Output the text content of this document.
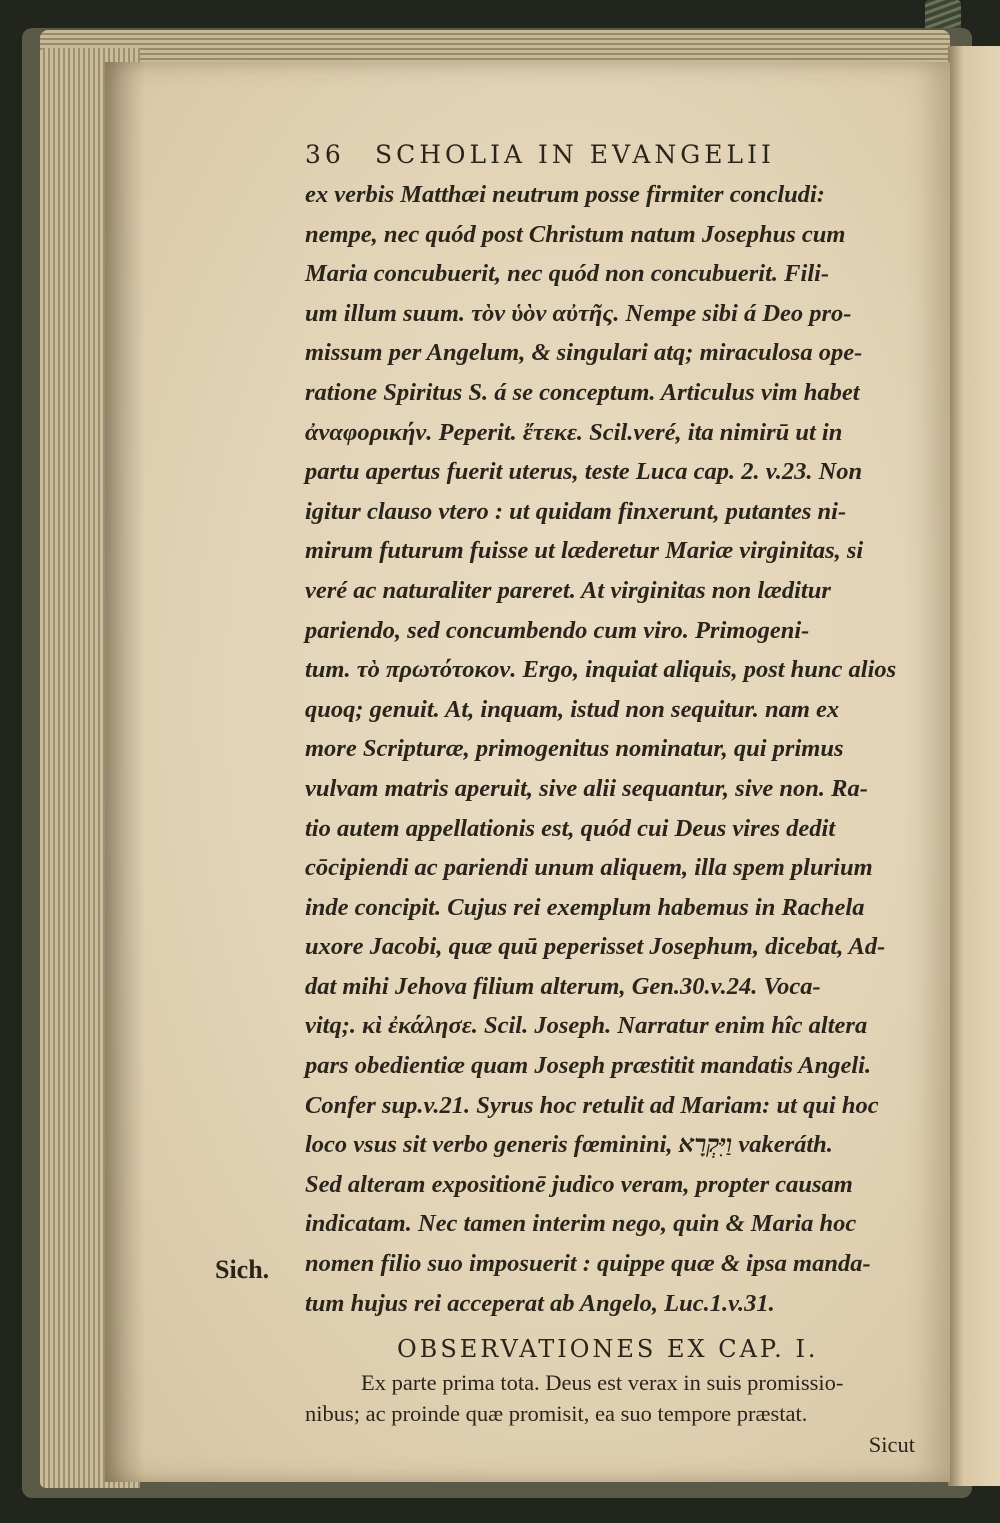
Sich.
36	SCHOLIA IN EVANGELII
ex verbis Matthæi neutrum posse firmiter concludi:
nempe, nec quód post Christum natum Josephus cum
Maria concubuerit, nec quód non concubuerit. Fili-
um illum suum. τὸν ὑὸν αὐτῆς. Nempe sibi á Deo pro-
missum per Angelum, & singulari atq; miraculosa ope-
ratione Spiritus S. á se conceptum. Articulus vim habet
ἀναφορικήν. Peperit. ἔτεκε. Scil.veré, ita nimirū ut in
partu apertus fuerit uterus, teste Luca cap. 2. v.23. Non
igitur clauso vtero : ut quidam finxerunt, putantes ni-
mirum futurum fuisse ut læderetur Mariæ virginitas, si
veré ac naturaliter pareret. At virginitas non læditur
pariendo, sed concumbendo cum viro. Primogeni-
tum. τὸ πρωτότοκον. Ergo, inquiat aliquis, post hunc alios
quoq; genuit. At, inquam, istud non sequitur. nam ex
more Scripturæ, primogenitus nominatur, qui primus
vulvam matris aperuit, sive alii sequantur, sive non. Ra-
tio autem appellationis est, quód cui Deus vires dedit
cōcipiendi ac pariendi unum aliquem, illa spem plurium
inde concipit. Cujus rei exemplum habemus in Rachela
uxore Jacobi, quæ quū peperisset Josephum, dicebat, Ad-
dat mihi Jehova filium alterum, Gen.30.v.24. Voca-
vitq;. κὶ ἐκάλησε. Scil. Joseph. Narratur enim hîc altera
pars obedientiæ quam Joseph præstitit mandatis Angeli.
Confer sup.v.21. Syrus hoc retulit ad Mariam: ut qui hoc
loco vsus sit verbo generis fœminini, וַיִּקְרָא vakeráth.
Sed alteram expositionē judico veram, propter causam
indicatam. Nec tamen interim nego, quin & Maria hoc
nomen filio suo imposuerit : quippe quæ & ipsa manda-
tum hujus rei acceperat ab Angelo, Luc.1.v.31.
OBSERVATIONES EX CAP. I.
Ex parte prima tota. Deus est verax in suis promissio-
nibus; ac proinde quæ promisit, ea suo tempore præstat.
Sicut
